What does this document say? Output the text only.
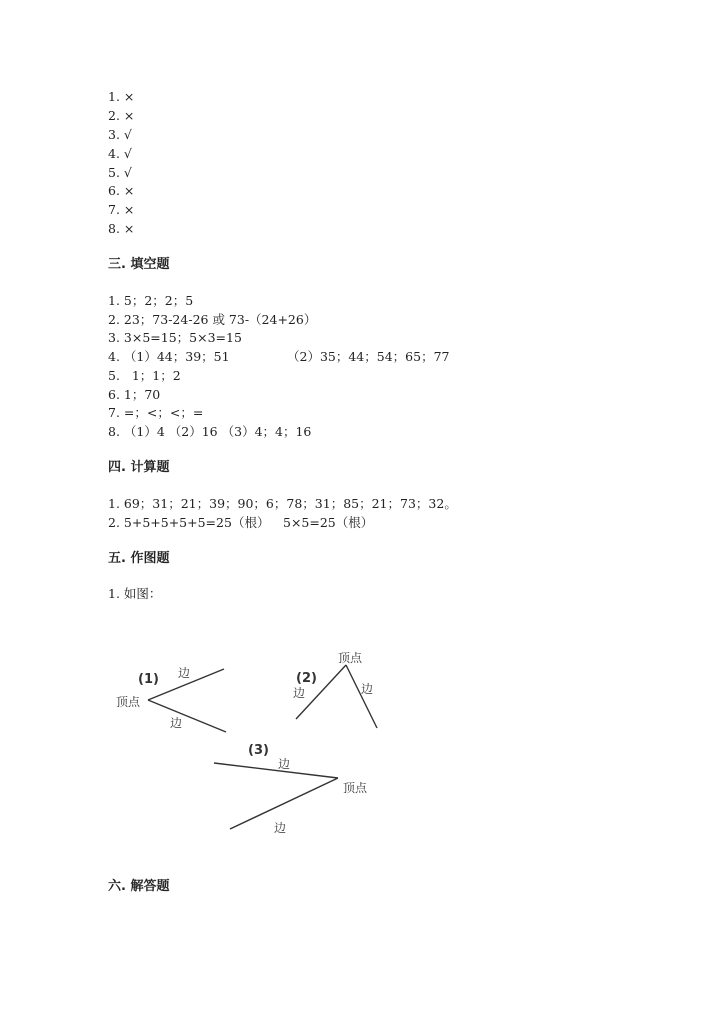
1. ×
2. ×
3. √
4. √
5. √
6. ×
7. ×
8. ×
三. 填空题
1. 5；2；2；5
2. 23；73-24-26 或 73-（24+26）
3. 3×5=15；5×3=15
4. （1）44；39；51	（2）35；44；54；65；77
5.   1；1；2
6. 1；70
7. =；<；<；=
8. （1）4 （2）16 （3）4；4；16
四. 计算题
1. 69；31；21；39；90；6；78；31；85；21；73；32。
2. 5+5+5+5+5=25（根） 5×5=25（根）
五. 作图题
1. 如图：
(1) 边
顶点
边
(2)
顶点
边	边
(3)
边
顶点
边
六. 解答题
